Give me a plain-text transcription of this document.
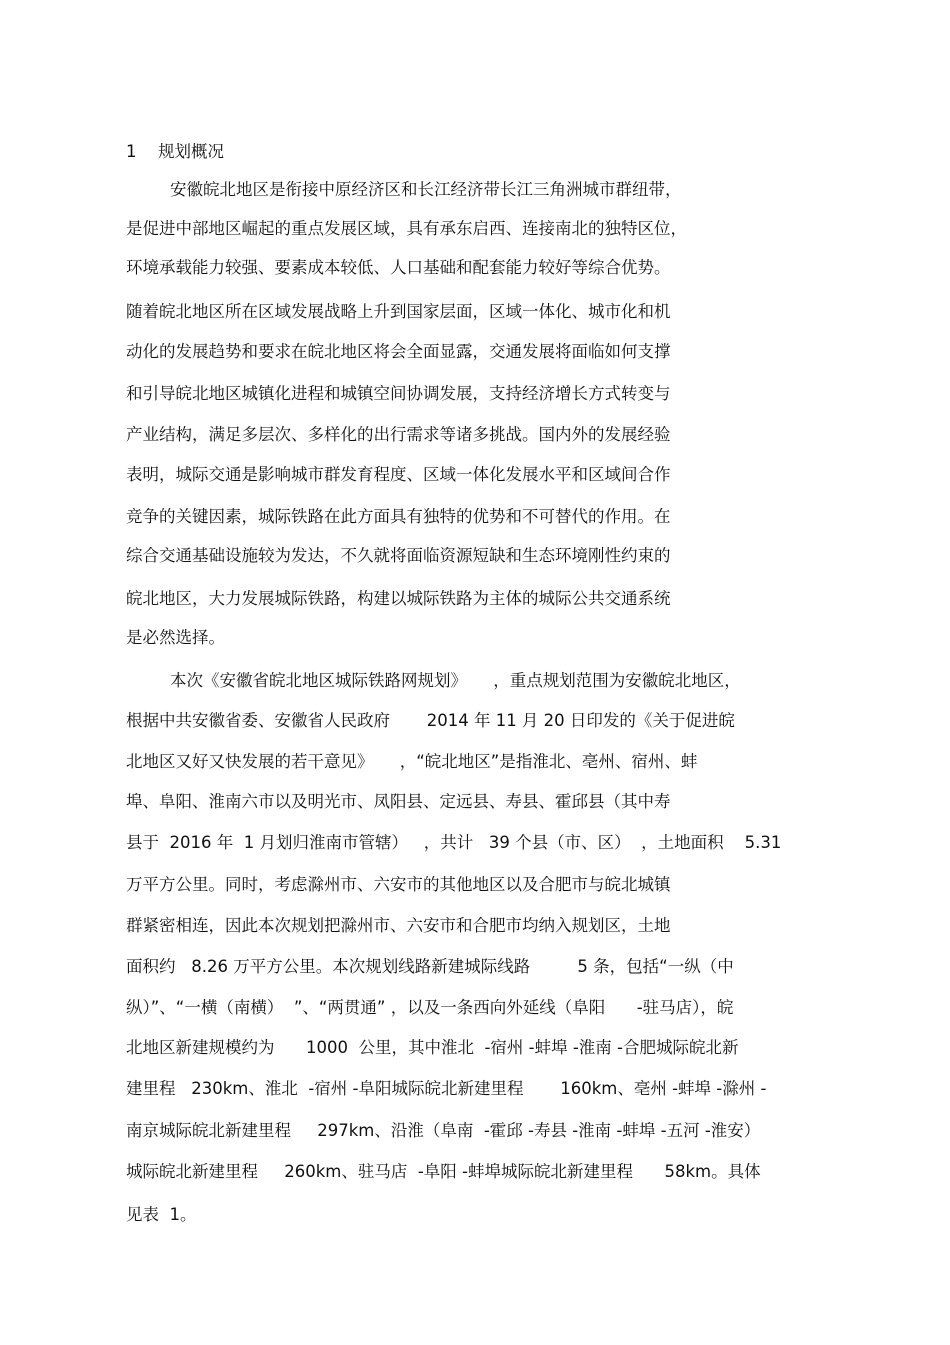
1 规划概况
安徽皖北地区是衔接中原经济区和长江经济带长江三角洲城市群纽带，
是促进中部地区崛起的重点发展区域，具有承东启西、连接南北的独特区位，
环境承载能力较强、要素成本较低、人口基础和配套能力较好等综合优势。
随着皖北地区所在区域发展战略上升到国家层面，区域一体化、城市化和机
动化的发展趋势和要求在皖北地区将会全面显露，交通发展将面临如何支撑
和引导皖北地区城镇化进程和城镇空间协调发展，支持经济增长方式转变与
产业结构，满足多层次、多样化的出行需求等诸多挑战。国内外的发展经验
表明，城际交通是影响城市群发育程度、区域一体化发展水平和区域间合作
竞争的关键因素，城际铁路在此方面具有独特的优势和不可替代的作用。在
综合交通基础设施较为发达，不久就将面临资源短缺和生态环境刚性约束的
皖北地区，大力发展城际铁路，构建以城际铁路为主体的城际公共交通系统
是必然选择。
本次《安徽省皖北地区城际铁路网规划》     ，重点规划范围为安徽皖北地区，
根据中共安徽省委、安徽省人民政府       2014 年 11 月 20 日印发的《关于促进皖
北地区又好又快发展的若干意见》     ，“皖北地区”是指淮北、亳州、宿州、蚌
埠、阜阳、淮南六市以及明光市、凤阳县、定远县、寿县、霍邱县（其中寿
县于  2016 年  1 月划归淮南市管辖）   ，共计   39 个县（市、区）  ，土地面积    5.31
万平方公里。同时，考虑滁州市、六安市的其他地区以及合肥市与皖北城镇
群紧密相连，因此本次规划把滁州市、六安市和合肥市均纳入规划区，土地
面积约   8.26 万平方公里。本次规划线路新建城际线路         5 条，包括“一纵（中
纵）”、“一横（南横）  ”、“两贯通” ，以及一条西向外延线（阜阳      -驻马店），皖
北地区新建规模约为      1000  公里，其中淮北  -宿州 -蚌埠 -淮南 -合肥城际皖北新
建里程   230km、淮北  -宿州 -阜阳城际皖北新建里程       160km、亳州 -蚌埠 -滁州 -
南京城际皖北新建里程     297km、沿淮（阜南  -霍邱 -寿县 -淮南 -蚌埠 -五河 -淮安）
城际皖北新建里程     260km、驻马店  -阜阳 -蚌埠城际皖北新建里程      58km。具体
见表  1。
